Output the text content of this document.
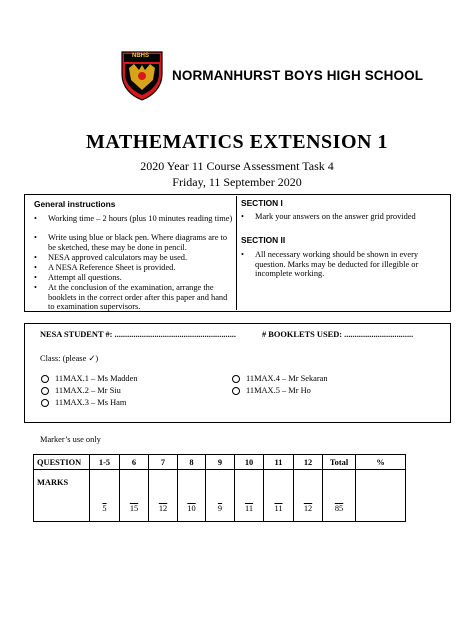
NBHS
NORMANHURST BOYS HIGH SCHOOL
MATHEMATICS EXTENSION 1
2020 Year 11 Course Assessment Task 4
Friday, 11 September 2020
General instructions
•	Working time – 2 hours (plus 10 minutes reading time)
•	Write using blue or black pen. Where diagrams are to be sketched, these may be done in pencil.
•	NESA approved calculators may be used.
•	A NESA Reference Sheet is provided.
•	Attempt all questions.
•	At the conclusion of the examination, arrange the booklets in the correct order after this paper and hand to examination supervisors.
SECTION I
•	Mark your answers on the answer grid provided
SECTION II
•	All necessary working should be shown in every question. Marks may be deducted for illegible or incomplete working.
NESA STUDENT #: ..........................................................	# BOOKLETS USED: .................................
Class: (please ✓)
11MAX.1 – Ms Madden
11MAX.2 – Mr Siu
11MAX.3 – Ms Ham
11MAX.4 – Mr Sekaran
11MAX.5 – Mr Ho
Marker’s use only
QUESTION	1-5	6	7	8	9	10	11	12	Total	%
MARKS	5	15	12	10	9	11	11	12	85	
